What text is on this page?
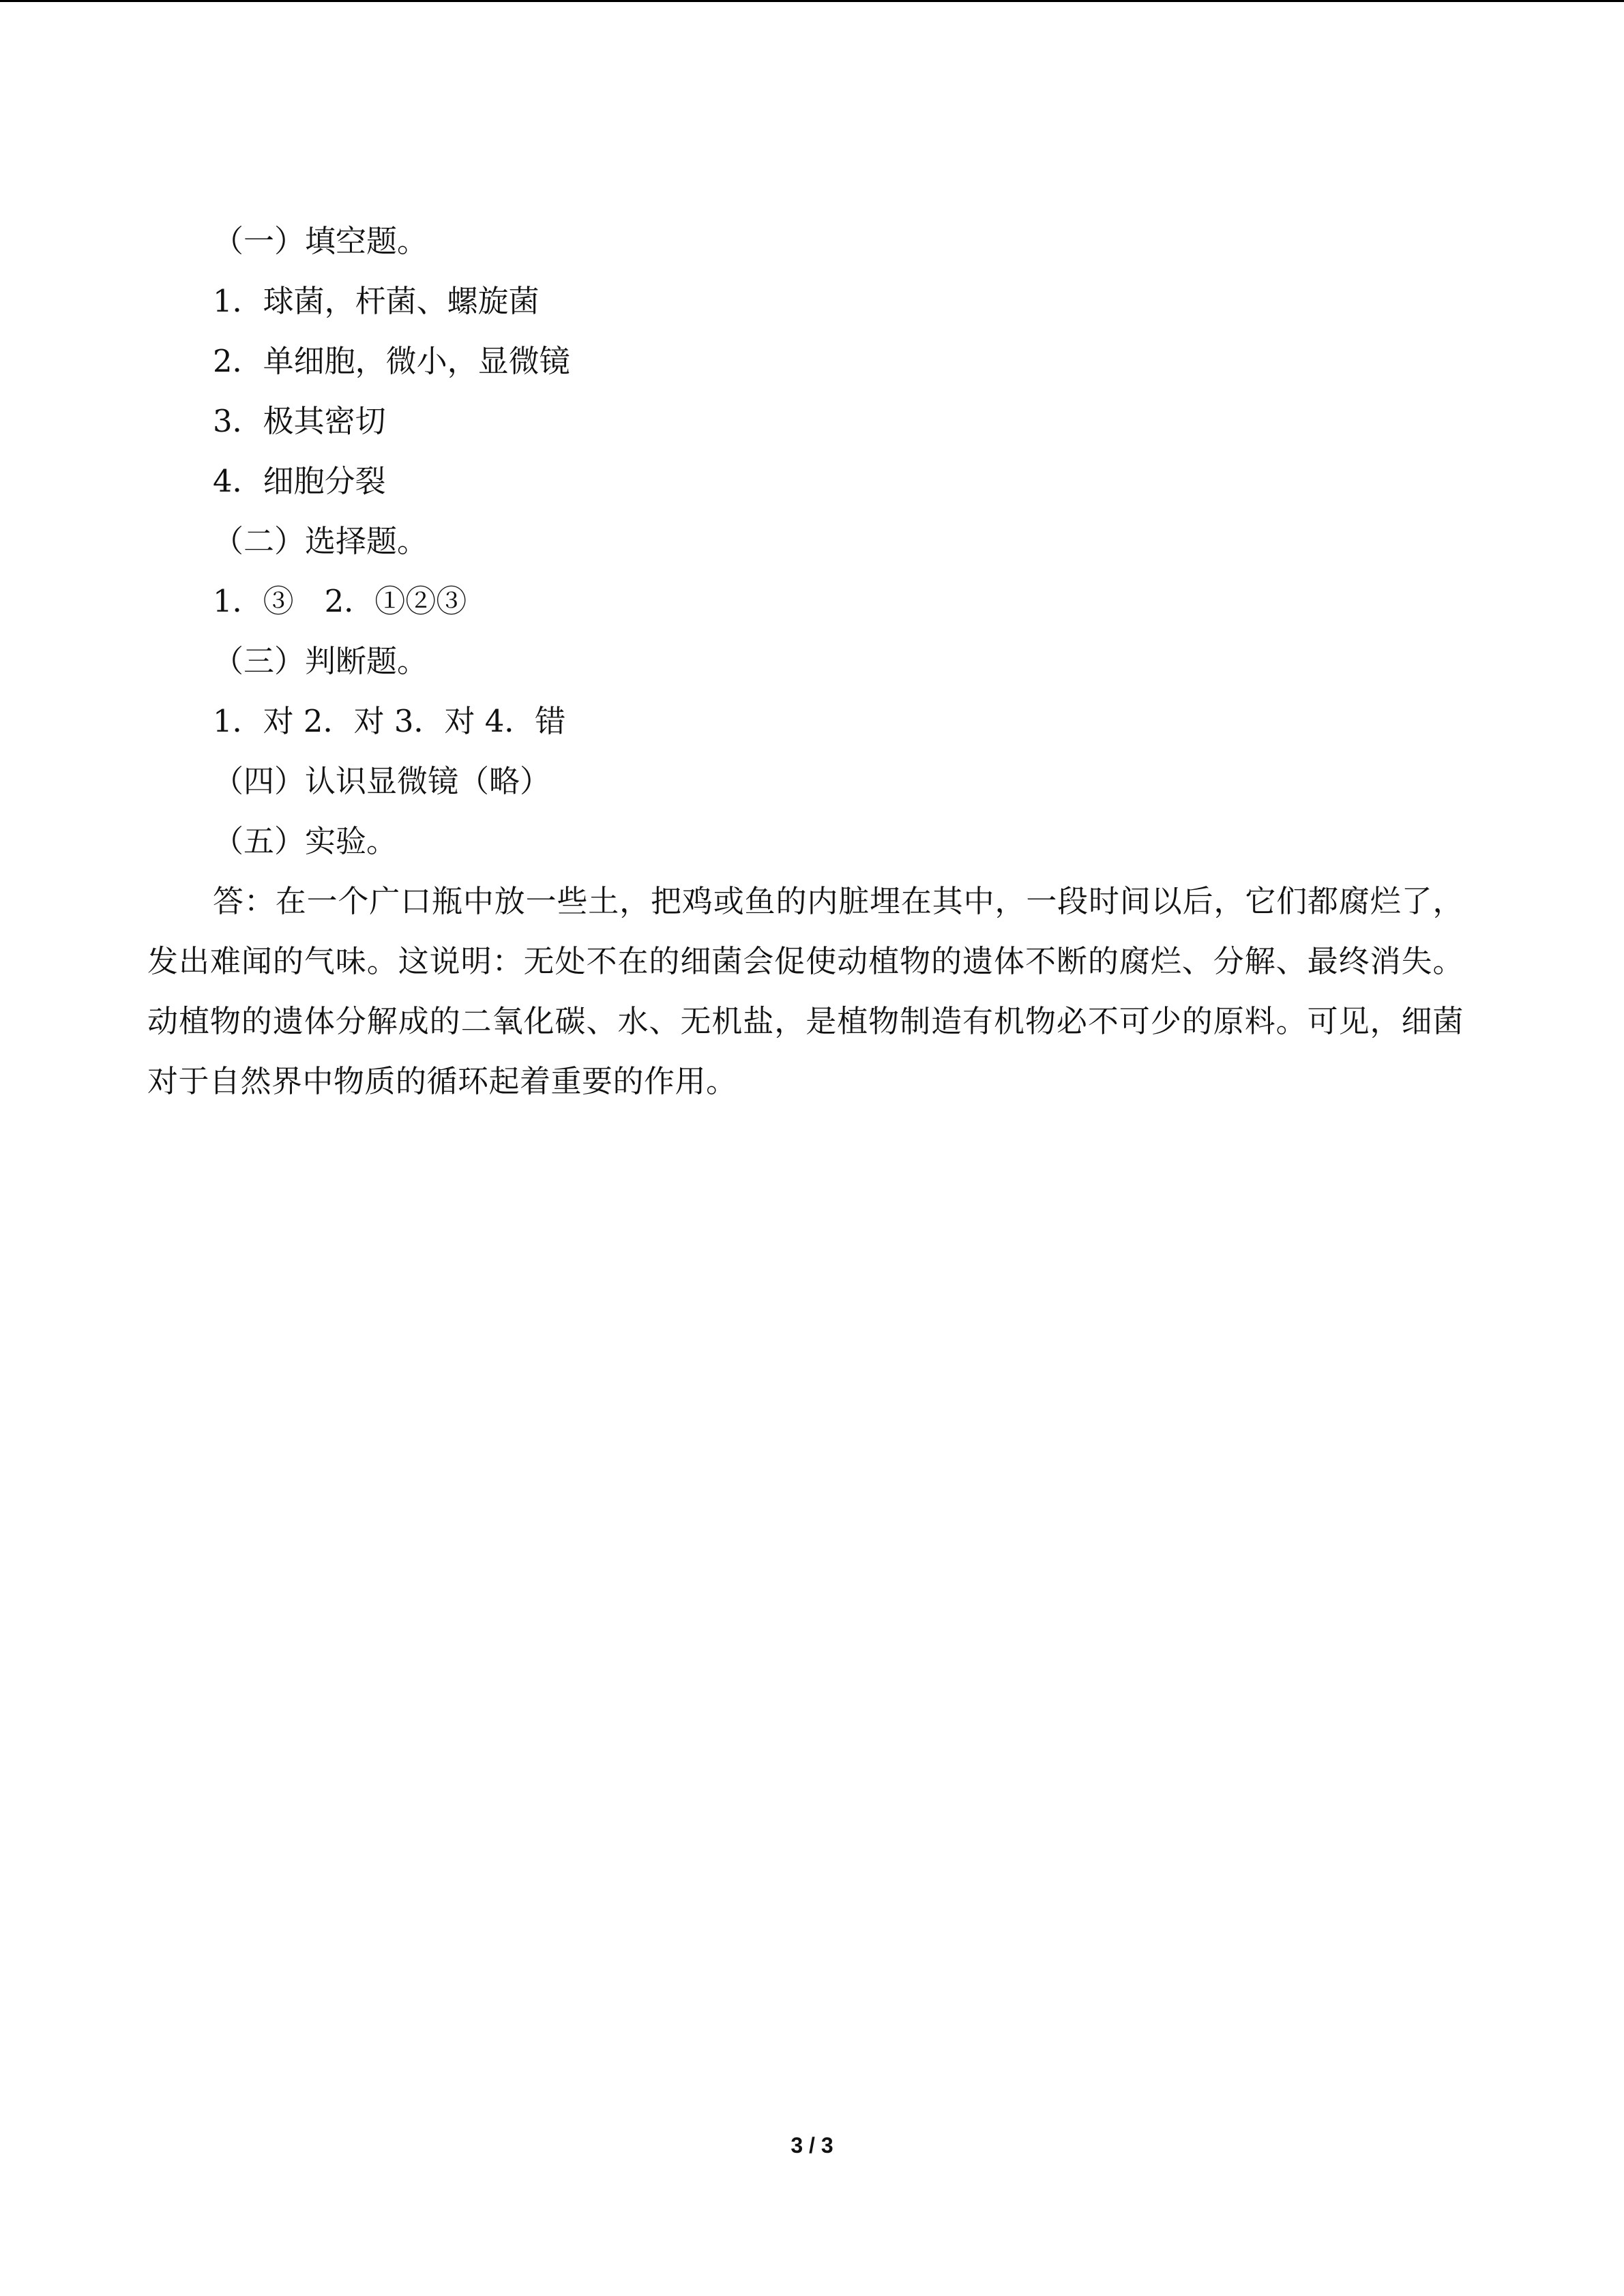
（一）填空题。
1．球菌，杆菌、螺旋菌
2．单细胞，微小，显微镜
3．极其密切
4．细胞分裂
（二）选择题。
1．③　2．①②③
（三）判断题。
1．对 2．对 3．对 4．错
（四）认识显微镜（略）
（五）实验。

答：在一个广口瓶中放一些土，把鸡或鱼的内脏埋在其中，一段时间以后，它们都腐烂了，发出难闻的气味。这说明：无处不在的细菌会促使动植物的遗体不断的腐烂、分解、最终消失。动植物的遗体分解成的二氧化碳、水、无机盐，是植物制造有机物必不可少的原料。可见，细菌对于自然界中物质的循环起着重要的作用。

3 / 3
